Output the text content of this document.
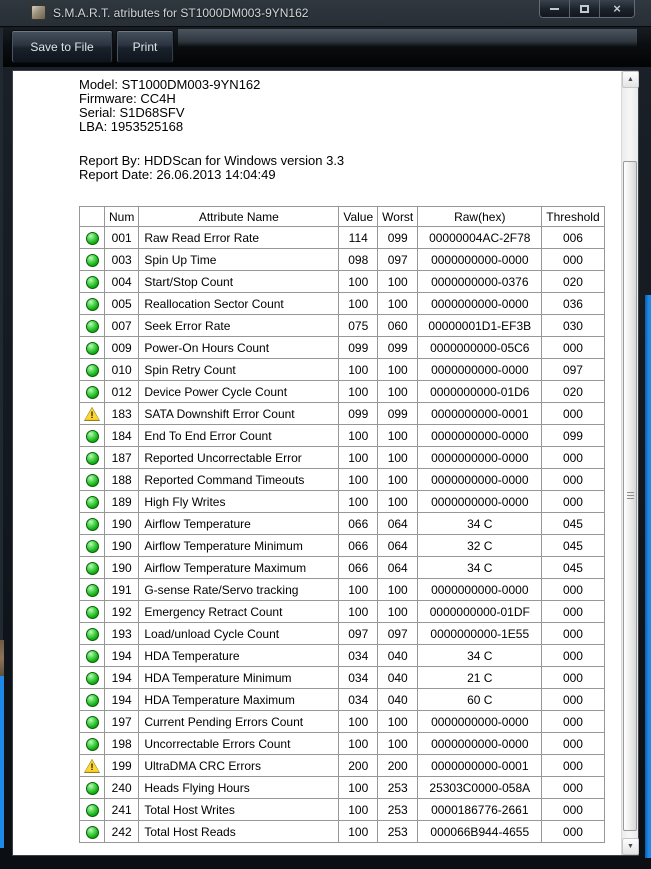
S.M.A.R.T. atributes for ST1000DM003-9YN162	×
Save to File	Print
Model: ST1000DM003-9YN162
Firmware: CC4H
Serial: S1D68SFV
LBA: 1953525168
Report By: HDDScan for Windows version 3.3
Report Date: 26.06.2013 14:04:49
	Num	Attribute Name	Value	Worst	Raw(hex)	Threshold
	001	Raw Read Error Rate	114	099	00000004AC-2F78	006
	003	Spin Up Time	098	097	0000000000-0000	000
	004	Start/Stop Count	100	100	0000000000-0376	020
	005	Reallocation Sector Count	100	100	0000000000-0000	036
	007	Seek Error Rate	075	060	00000001D1-EF3B	030
	009	Power-On Hours Count	099	099	0000000000-05C6	000
	010	Spin Retry Count	100	100	0000000000-0000	097
	012	Device Power Cycle Count	100	100	0000000000-01D6	020

!	183	SATA Downshift Error Count	099	099	0000000000-0001	000
	184	End To End Error Count	100	100	0000000000-0000	099
	187	Reported Uncorrectable Error	100	100	0000000000-0000	000
	188	Reported Command Timeouts	100	100	0000000000-0000	000
	189	High Fly Writes	100	100	0000000000-0000	000
	190	Airflow Temperature	066	064	34 C	045
	190	Airflow Temperature Minimum	066	064	32 C	045
	190	Airflow Temperature Maximum	066	064	34 C	045
	191	G-sense Rate/Servo tracking	100	100	0000000000-0000	000
	192	Emergency Retract Count	100	100	0000000000-01DF	000
	193	Load/unload Cycle Count	097	097	0000000000-1E55	000
	194	HDA Temperature	034	040	34 C	000
	194	HDA Temperature Minimum	034	040	21 C	000
	194	HDA Temperature Maximum	034	040	60 C	000
	197	Current Pending Errors Count	100	100	0000000000-0000	000
	198	Uncorrectable Errors Count	100	100	0000000000-0000	000

!	199	UltraDMA CRC Errors	200	200	0000000000-0001	000
	240	Heads Flying Hours	100	253	25303C0000-058A	000
	241	Total Host Writes	100	253	0000186776-2661	000
	242	Total Host Reads	100	253	000066B944-4655	000
▲
▼
